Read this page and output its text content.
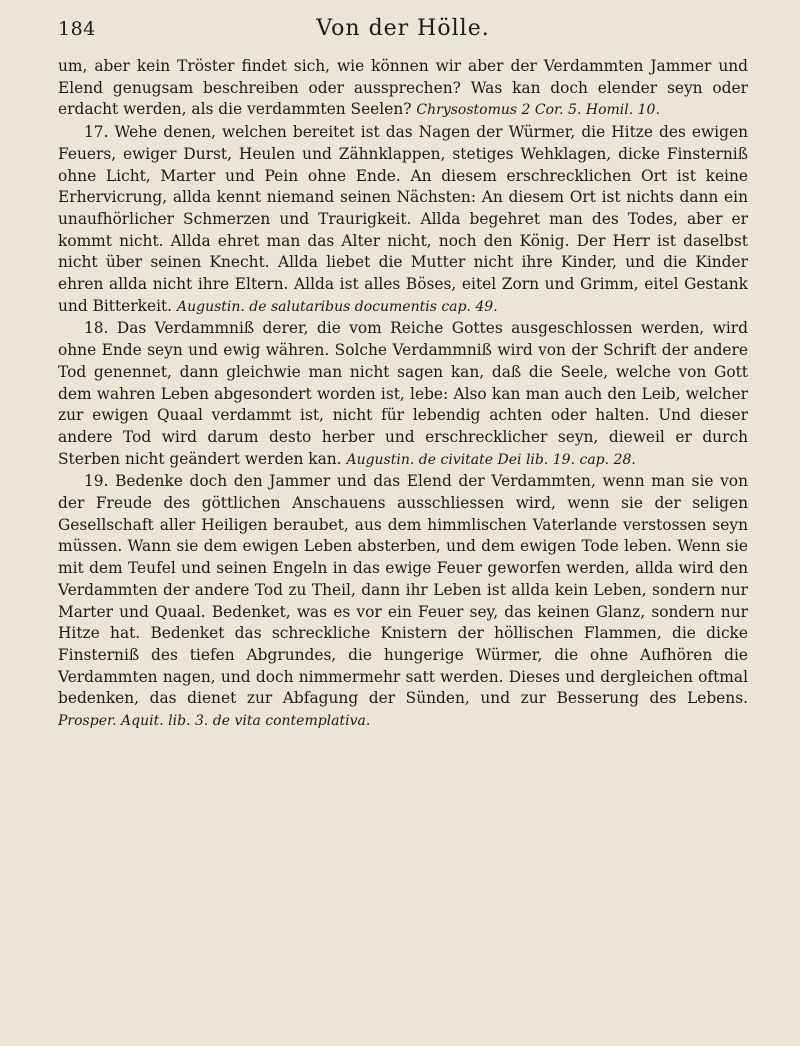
184	Von der Hölle.

um, aber kein Tröster findet sich, wie können wir aber der Verdammten Jammer und Elend genugsam beschreiben oder aussprechen? Was kan doch elender seyn oder erdacht werden, als die verdammten Seelen? Chrysostomus 2 Cor. 5. Homil. 10.

17. Wehe denen, welchen bereitet ist das Nagen der Würmer, die Hitze des ewigen Feuers, ewiger Durst, Heulen und Zähnklappen, stetiges Wehklagen, dicke Finsterniß ohne Licht, Marter und Pein ohne Ende. An diesem erschrecklichen Ort ist keine Erhervicrung, allda kennt niemand seinen Nächsten: An diesem Ort ist nichts dann ein unaufhörlicher Schmerzen und Traurigkeit. Allda begehret man des Todes, aber er kommt nicht. Allda ehret man das Alter nicht, noch den König. Der Herr ist daselbst nicht über seinen Knecht. Allda liebet die Mutter nicht ihre Kinder, und die Kinder ehren allda nicht ihre Eltern. Allda ist alles Böses, eitel Zorn und Grimm, eitel Gestank und Bitterkeit. Augustin. de salutaribus documentis cap. 49.

18. Das Verdammniß derer, die vom Reiche Gottes ausgeschlossen werden, wird ohne Ende seyn und ewig währen. Solche Verdammniß wird von der Schrift der andere Tod genennet, dann gleichwie man nicht sagen kan, daß die Seele, welche von Gott dem wahren Leben abgesondert worden ist, lebe: Also kan man auch den Leib, welcher zur ewigen Quaal verdammt ist, nicht für lebendig achten oder halten. Und dieser andere Tod wird darum desto herber und erschrecklicher seyn, dieweil er durch Sterben nicht geändert werden kan. Augustin. de civitate Dei lib. 19. cap. 28.

19. Bedenke doch den Jammer und das Elend der Verdammten, wenn man sie von der Freude des göttlichen Anschauens ausschliessen wird, wenn sie der seligen Gesellschaft aller Heiligen beraubet, aus dem himmlischen Vaterlande verstossen seyn müssen. Wann sie dem ewigen Leben absterben, und dem ewigen Tode leben. Wenn sie mit dem Teufel und seinen Engeln in das ewige Feuer geworfen werden, allda wird den Verdammten der andere Tod zu Theil, dann ihr Leben ist allda kein Leben, sondern nur Marter und Quaal. Bedenket, was es vor ein Feuer sey, das keinen Glanz, sondern nur Hitze hat. Bedenket das schreckliche Knistern der höllischen Flammen, die dicke Finsterniß des tiefen Abgrundes, die hungerige Würmer, die ohne Aufhören die Verdammten nagen, und doch nimmermehr satt werden. Dieses und dergleichen oftmal bedenken, das dienet zur Abfagung der Sünden, und zur Besserung des Lebens. Prosper. Aquit. lib. 3. de vita contemplativa.
